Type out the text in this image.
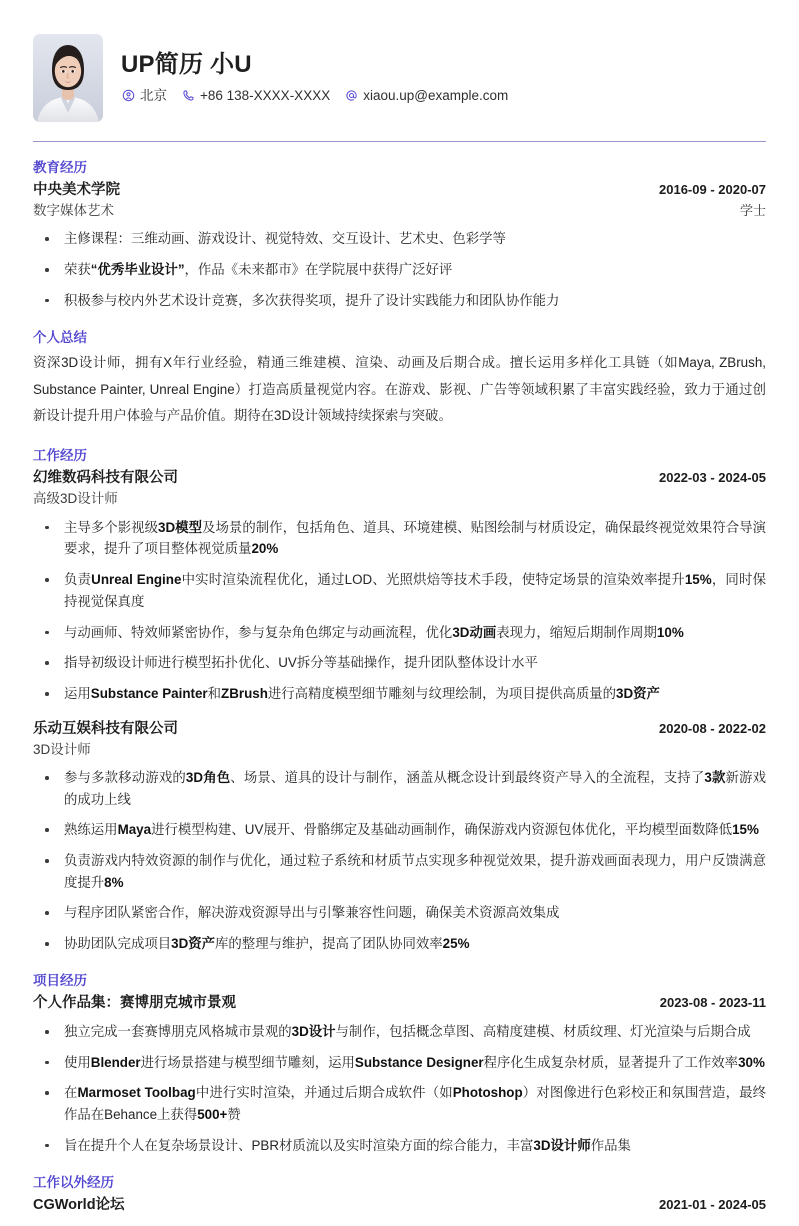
UP简历 小U
北京 +86 138-XXXX-XXXX xiaou.up@example.com
教育经历
中央美术学院	2016-09 - 2020-07
数字媒体艺术	学士
主修课程：三维动画、游戏设计、视觉特效、交互设计、艺术史、色彩学等
荣获“优秀毕业设计”，作品《未来都市》在学院展中获得广泛好评
积极参与校内外艺术设计竞赛，多次获得奖项，提升了设计实践能力和团队协作能力
个人总结
资深3D设计师，拥有X年行业经验，精通三维建模、渲染、动画及后期合成。擅长运用多样化工具链（如Maya, ZBrush, Substance Painter, Unreal Engine）打造高质量视觉内容。在游戏、影视、广告等领域积累了丰富实践经验，致力于通过创新设计提升用户体验与产品价值。期待在3D设计领域持续探索与突破。
工作经历
幻维数码科技有限公司	2022-03 - 2024-05
高级3D设计师
主导多个影视级3D模型及场景的制作，包括角色、道具、环境建模、贴图绘制与材质设定，确保最终视觉效果符合导演要求，提升了项目整体视觉质量20%
负责Unreal Engine中实时渲染流程优化，通过LOD、光照烘焙等技术手段，使特定场景的渲染效率提升15%，同时保持视觉保真度
与动画师、特效师紧密协作，参与复杂角色绑定与动画流程，优化3D动画表现力，缩短后期制作周期10%
指导初级设计师进行模型拓扑优化、UV拆分等基础操作，提升团队整体设计水平
运用Substance Painter和ZBrush进行高精度模型细节雕刻与纹理绘制，为项目提供高质量的3D资产
乐动互娱科技有限公司	2020-08 - 2022-02
3D设计师
参与多款移动游戏的3D角色、场景、道具的设计与制作，涵盖从概念设计到最终资产导入的全流程，支持了3款新游戏的成功上线
熟练运用Maya进行模型构建、UV展开、骨骼绑定及基础动画制作，确保游戏内资源包体优化，平均模型面数降低15%
负责游戏内特效资源的制作与优化，通过粒子系统和材质节点实现多种视觉效果，提升游戏画面表现力，用户反馈满意度提升8%
与程序团队紧密合作，解决游戏资源导出与引擎兼容性问题，确保美术资源高效集成
协助团队完成项目3D资产库的整理与维护，提高了团队协同效率25%
项目经历
个人作品集：赛博朋克城市景观	2023-08 - 2023-11
独立完成一套赛博朋克风格城市景观的3D设计与制作，包括概念草图、高精度建模、材质纹理、灯光渲染与后期合成
使用Blender进行场景搭建与模型细节雕刻，运用Substance Designer程序化生成复杂材质，显著提升了工作效率30%
在Marmoset Toolbag中进行实时渲染，并通过后期合成软件（如Photoshop）对图像进行色彩校正和氛围营造，最终作品在Behance上获得500+赞
旨在提升个人在复杂场景设计、PBR材质流以及实时渲染方面的综合能力，丰富3D设计师作品集
工作以外经历
CGWorld论坛	2021-01 - 2024-05
